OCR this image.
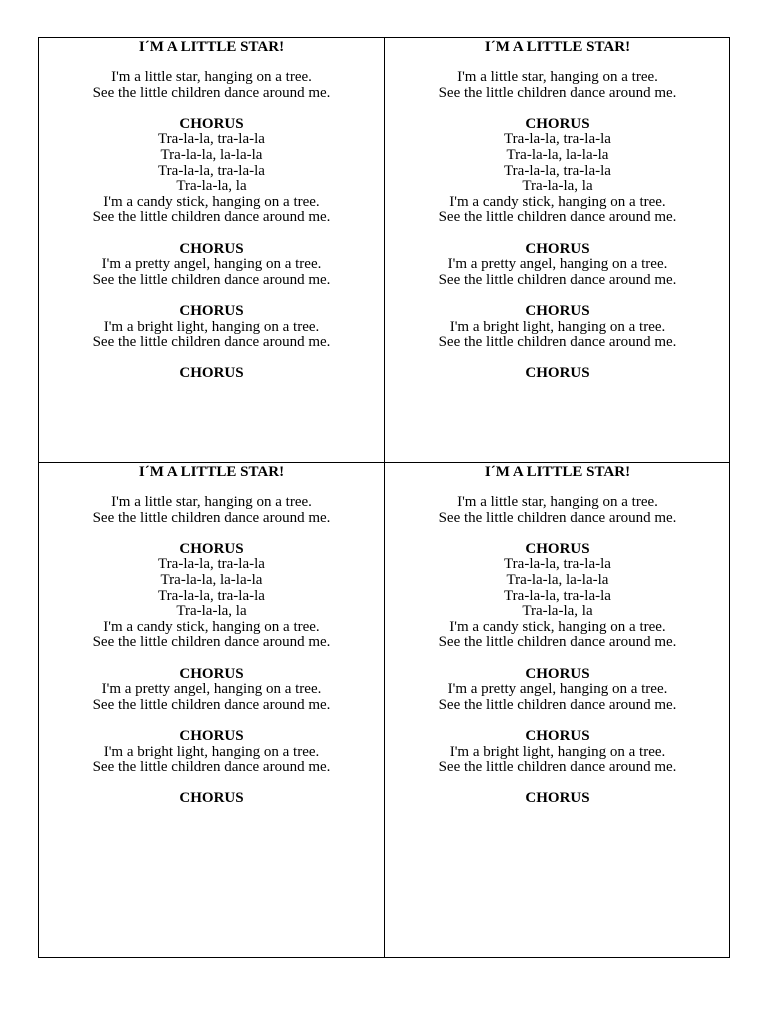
I´M A LITTLE STAR!
I'm a little star, hanging on a tree.
See the little children dance around me.
CHORUS
Tra-la-la, tra-la-la
Tra-la-la, la-la-la
Tra-la-la, tra-la-la
Tra-la-la, la
I'm a candy stick, hanging on a tree.
See the little children dance around me.
CHORUS
I'm a pretty angel, hanging on a tree.
See the little children dance around me.
CHORUS
I'm a bright light, hanging on a tree.
See the little children dance around me.
CHORUS
I´M A LITTLE STAR!
I'm a little star, hanging on a tree.
See the little children dance around me.
CHORUS
Tra-la-la, tra-la-la
Tra-la-la, la-la-la
Tra-la-la, tra-la-la
Tra-la-la, la
I'm a candy stick, hanging on a tree.
See the little children dance around me.
CHORUS
I'm a pretty angel, hanging on a tree.
See the little children dance around me.
CHORUS
I'm a bright light, hanging on a tree.
See the little children dance around me.
CHORUS
I´M A LITTLE STAR!
I'm a little star, hanging on a tree.
See the little children dance around me.
CHORUS
Tra-la-la, tra-la-la
Tra-la-la, la-la-la
Tra-la-la, tra-la-la
Tra-la-la, la
I'm a candy stick, hanging on a tree.
See the little children dance around me.
CHORUS
I'm a pretty angel, hanging on a tree.
See the little children dance around me.
CHORUS
I'm a bright light, hanging on a tree.
See the little children dance around me.
CHORUS
I´M A LITTLE STAR!
I'm a little star, hanging on a tree.
See the little children dance around me.
CHORUS
Tra-la-la, tra-la-la
Tra-la-la, la-la-la
Tra-la-la, tra-la-la
Tra-la-la, la
I'm a candy stick, hanging on a tree.
See the little children dance around me.
CHORUS
I'm a pretty angel, hanging on a tree.
See the little children dance around me.
CHORUS
I'm a bright light, hanging on a tree.
See the little children dance around me.
CHORUS
